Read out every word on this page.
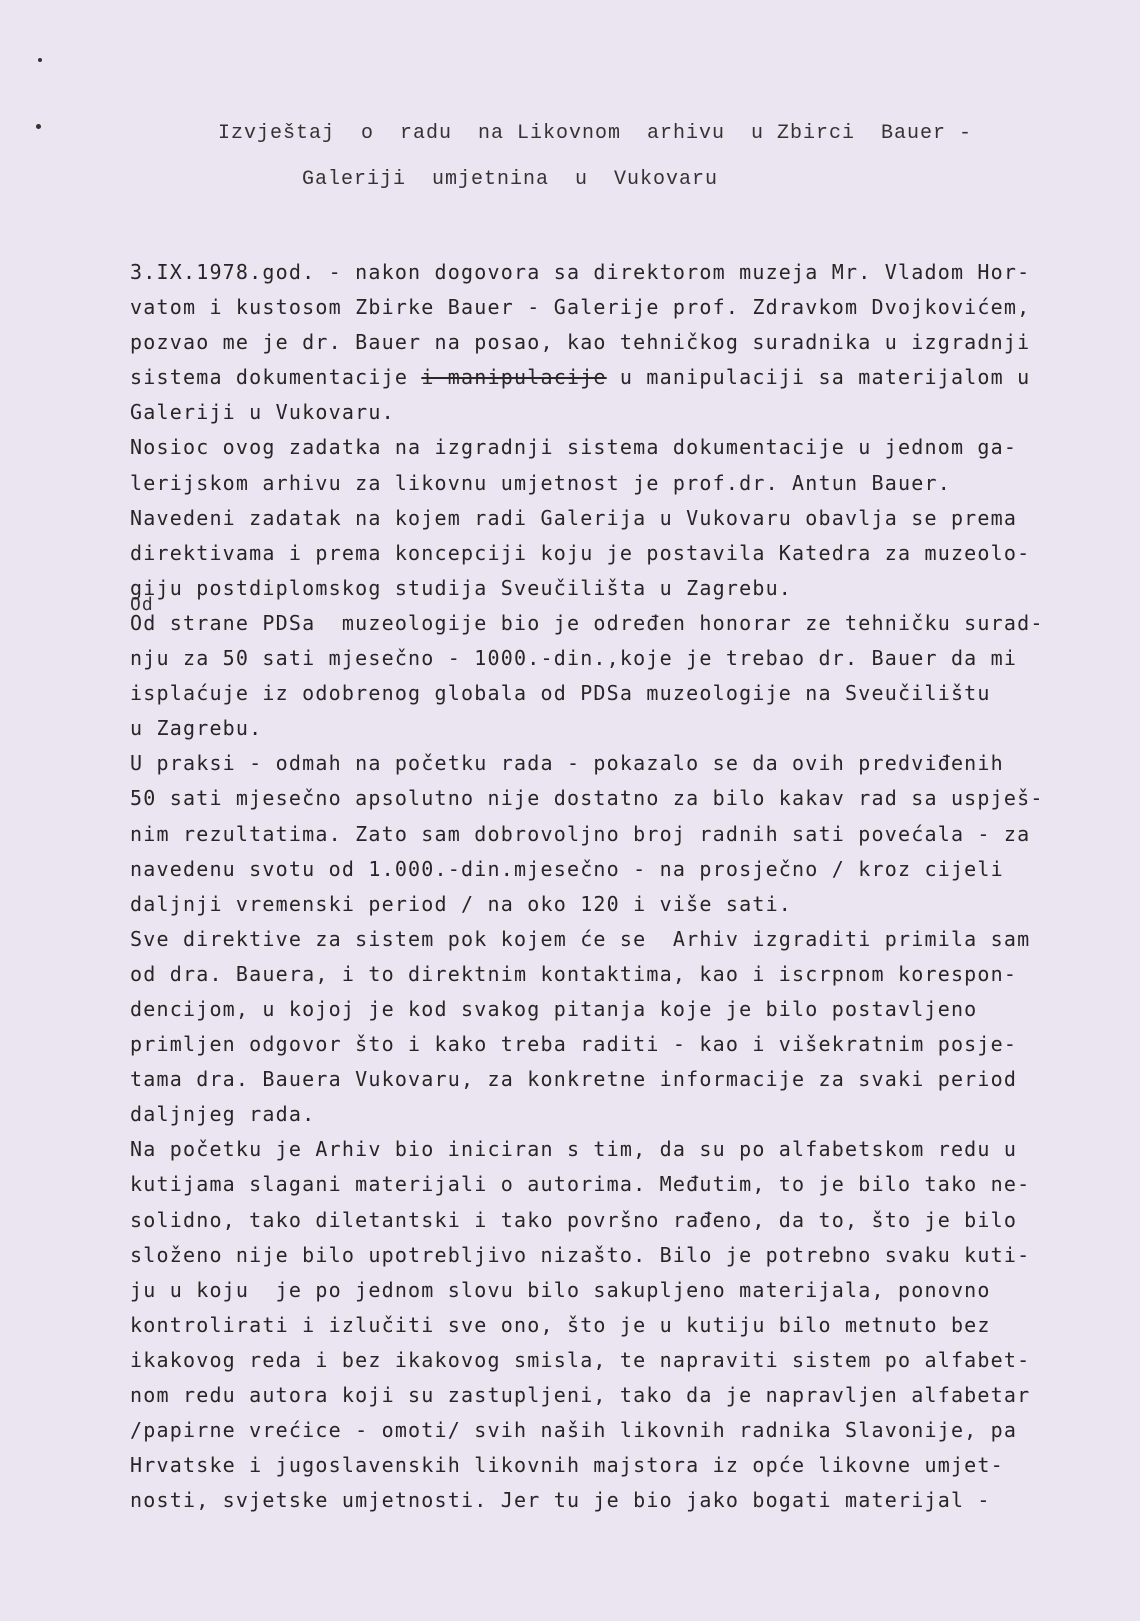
Izvještaj  o  radu  na Likovnom  arhivu  u Zbirci  Bauer -
Galeriji  umjetnina  u  Vukovaru
Od
3.IX.1978.god. - nakon dogovora sa direktorom muzeja Mr. Vladom Hor-
vatom i kustosom Zbirke Bauer - Galerije prof. Zdravkom Dvojkovićem,
pozvao me je dr. Bauer na posao, kao tehničkog suradnika u izgradnji
sistema dokumentacije i manipulacije u manipulaciji sa materijalom u
Galeriji u Vukovaru.
Nosioc ovog zadatka na izgradnji sistema dokumentacije u jednom ga-
lerijskom arhivu za likovnu umjetnost je prof.dr. Antun Bauer.
Navedeni zadatak na kojem radi Galerija u Vukovaru obavlja se prema
direktivama i prema koncepciji koju je postavila Katedra za muzeolo-
giju postdiplomskog studija Sveučilišta u Zagrebu.
Od strane PDSa  muzeologije bio je određen honorar ze tehničku surad-
nju za 50 sati mjesečno - 1000.-din.,koje je trebao dr. Bauer da mi
isplaćuje iz odobrenog globala od PDSa muzeologije na Sveučilištu
u Zagrebu.
U praksi - odmah na početku rada - pokazalo se da ovih predviđenih
50 sati mjesečno apsolutno nije dostatno za bilo kakav rad sa uspješ-
nim rezultatima. Zato sam dobrovoljno broj radnih sati povećala - za
navedenu svotu od 1.000.-din.mjesečno - na prosječno / kroz cijeli
daljnji vremenski period / na oko 120 i više sati.
Sve direktive za sistem pok kojem će se  Arhiv izgraditi primila sam
od dra. Bauera, i to direktnim kontaktima, kao i iscrpnom korespon-
dencijom, u kojoj je kod svakog pitanja koje je bilo postavljeno
primljen odgovor što i kako treba raditi - kao i višekratnim posje-
tama dra. Bauera Vukovaru, za konkretne informacije za svaki period
daljnjeg rada.
Na početku je Arhiv bio iniciran s tim, da su po alfabetskom redu u
kutijama slagani materijali o autorima. Međutim, to je bilo tako ne-
solidno, tako diletantski i tako površno rađeno, da to, što je bilo
složeno nije bilo upotrebljivo nizašto. Bilo je potrebno svaku kuti-
ju u koju  je po jednom slovu bilo sakupljeno materijala, ponovno
kontrolirati i izlučiti sve ono, što je u kutiju bilo metnuto bez
ikakovog reda i bez ikakovog smisla, te napraviti sistem po alfabet-
nom redu autora koji su zastupljeni, tako da je napravljen alfabetar
/papirne vrećice - omoti/ svih naših likovnih radnika Slavonije, pa
Hrvatske i jugoslavenskih likovnih majstora iz opće likovne umjet-
nosti, svjetske umjetnosti. Jer tu je bio jako bogati materijal -
